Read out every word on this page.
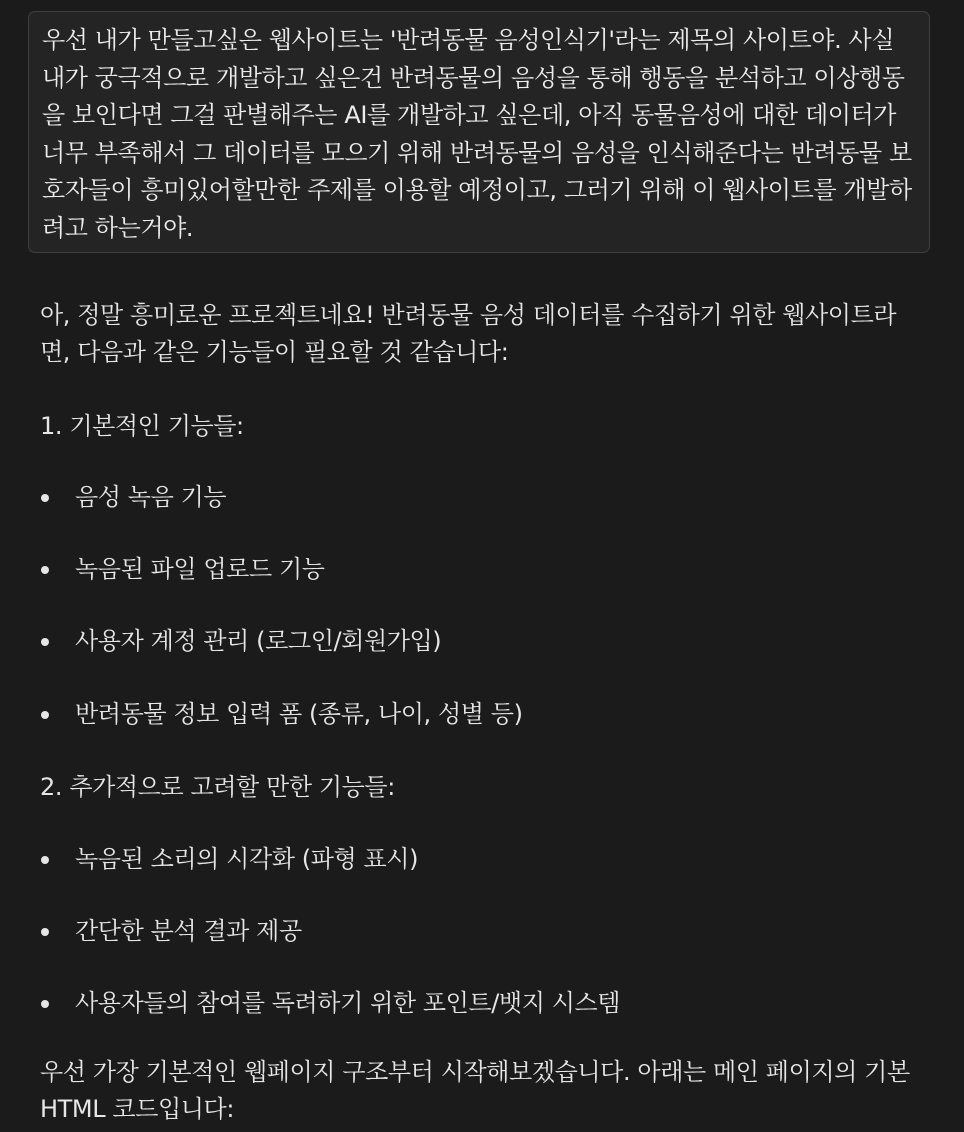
우선 내가 만들고싶은 웹사이트는 '반려동물 음성인식기'라는 제목의 사이트야. 사실 내가 궁극적으로 개발하고 싶은건 반려동물의 음성을 통해 행동을 분석하고 이상행동을 보인다면 그걸 판별해주는 AI를 개발하고 싶은데, 아직 동물음성에 대한 데이터가 너무 부족해서 그 데이터를 모으기 위해 반려동물의 음성을 인식해준다는 반려동물 보호자들이 흥미있어할만한 주제를 이용할 예정이고, 그러기 위해 이 웹사이트를 개발하려고 하는거야.

아, 정말 흥미로운 프로젝트네요! 반려동물 음성 데이터를 수집하기 위한 웹사이트라면, 다음과 같은 기능들이 필요할 것 같습니다:

1. 기본적인 기능들:

음성 녹음 기능
녹음된 파일 업로드 기능
사용자 계정 관리 (로그인/회원가입)
반려동물 정보 입력 폼 (종류, 나이, 성별 등)

2. 추가적으로 고려할 만한 기능들:

녹음된 소리의 시각화 (파형 표시)
간단한 분석 결과 제공
사용자들의 참여를 독려하기 위한 포인트/뱃지 시스템

우선 가장 기본적인 웹페이지 구조부터 시작해보겠습니다. 아래는 메인 페이지의 기본 HTML 코드입니다:
